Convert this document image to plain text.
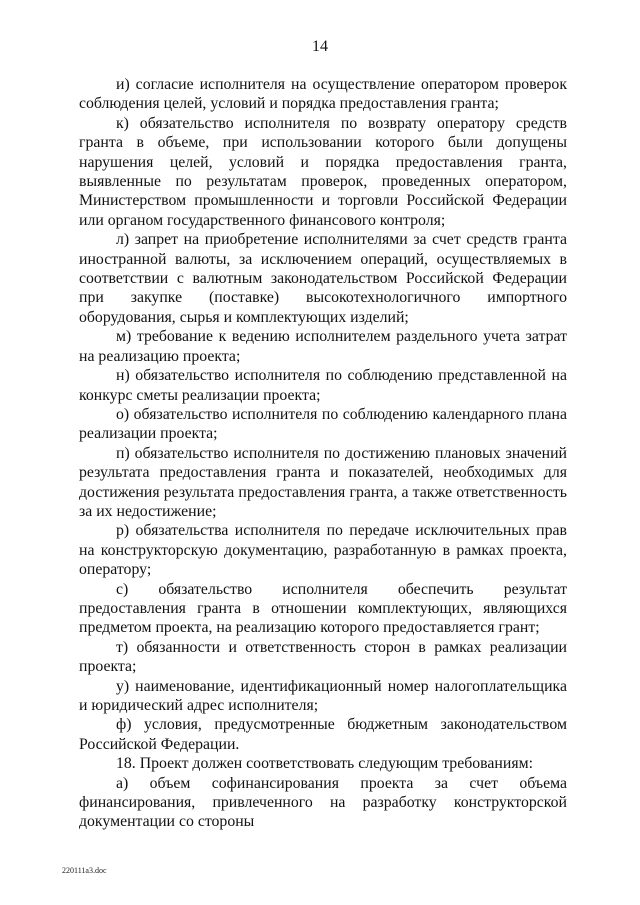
14

и) согласие исполнителя на осуществление оператором проверок соблюдения целей, условий и порядка предоставления гранта;

к) обязательство исполнителя по возврату оператору средств гранта в объеме, при использовании которого были допущены нарушения целей, условий и порядка предоставления гранта, выявленные по результатам проверок, проведенных оператором, Министерством промышленности и торговли Российской Федерации или органом государственного финансового контроля;

л) запрет на приобретение исполнителями за счет средств гранта иностранной валюты, за исключением операций, осуществляемых в соответствии с валютным законодательством Российской Федерации при закупке (поставке) высокотехнологичного импортного оборудования, сырья и комплектующих изделий;

м) требование к ведению исполнителем раздельного учета затрат на реализацию проекта;

н) обязательство исполнителя по соблюдению представленной на конкурс сметы реализации проекта;

о) обязательство исполнителя по соблюдению календарного плана реализации проекта;

п) обязательство исполнителя по достижению плановых значений результата предоставления гранта и показателей, необходимых для достижения результата предоставления гранта, а также ответственность за их недостижение;

р) обязательства исполнителя по передаче исключительных прав на конструкторскую документацию, разработанную в рамках проекта, оператору;

с) обязательство исполнителя обеспечить результат предоставления гранта в отношении комплектующих, являющихся предметом проекта, на реализацию которого предоставляется грант;

т) обязанности и ответственность сторон в рамках реализации проекта;

у) наименование, идентификационный номер налогоплательщика и юридический адрес исполнителя;

ф) условия, предусмотренные бюджетным законодательством Российской Федерации.

18. Проект должен соответствовать следующим требованиям:

а) объем софинансирования проекта за счет объема финансирования, привлеченного на разработку конструкторской документации со стороны

220111a3.doc
